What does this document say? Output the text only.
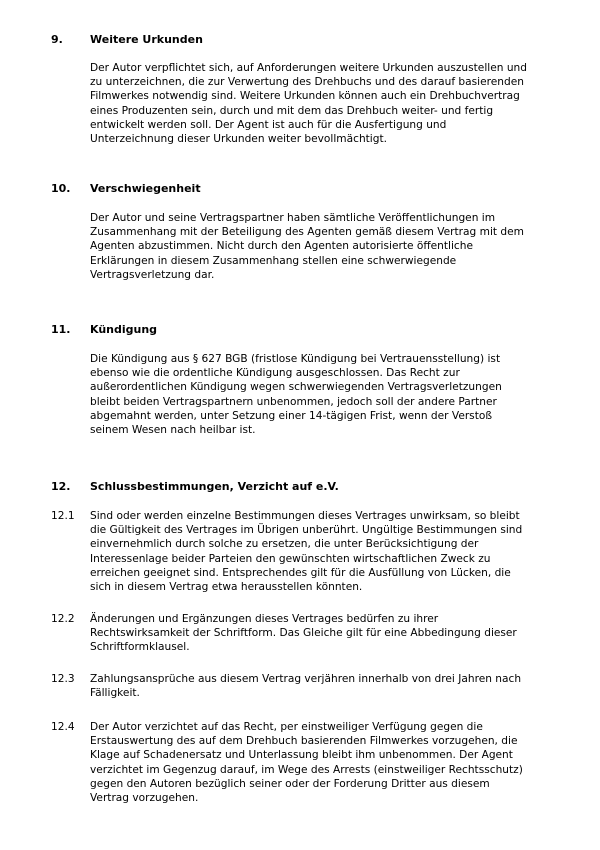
9. Weitere Urkunden

Der Autor verpflichtet sich, auf Anforderungen weitere Urkunden auszustellen und
zu unterzeichnen, die zur Verwertung des Drehbuchs und des darauf basierenden
Filmwerkes notwendig sind. Weitere Urkunden können auch ein Drehbuchvertrag
eines Produzenten sein, durch und mit dem das Drehbuch weiter- und fertig
entwickelt werden soll. Der Agent ist auch für die Ausfertigung und
Unterzeichnung dieser Urkunden weiter bevollmächtigt.

10. Verschwiegenheit

Der Autor und seine Vertragspartner haben sämtliche Veröffentlichungen im
Zusammenhang mit der Beteiligung des Agenten gemäß diesem Vertrag mit dem
Agenten abzustimmen. Nicht durch den Agenten autorisierte öffentliche
Erklärungen in diesem Zusammenhang stellen eine schwerwiegende
Vertragsverletzung dar.

11. Kündigung

Die Kündigung aus § 627 BGB (fristlose Kündigung bei Vertrauensstellung) ist
ebenso wie die ordentliche Kündigung ausgeschlossen. Das Recht zur
außerordentlichen Kündigung wegen schwerwiegenden Vertragsverletzungen
bleibt beiden Vertragspartnern unbenommen, jedoch soll der andere Partner
abgemahnt werden, unter Setzung einer 14-tägigen Frist, wenn der Verstoß
seinem Wesen nach heilbar ist.

12. Schlussbestimmungen, Verzicht auf e.V.
12.1 Sind oder werden einzelne Bestimmungen dieses Vertrages unwirksam, so bleibt
die Gültigkeit des Vertrages im Übrigen unberührt. Ungültige Bestimmungen sind
einvernehmlich durch solche zu ersetzen, die unter Berücksichtigung der
Interessenlage beider Parteien den gewünschten wirtschaftlichen Zweck zu
erreichen geeignet sind. Entsprechendes gilt für die Ausfüllung von Lücken, die
sich in diesem Vertrag etwa herausstellen könnten.

12.2 Änderungen und Ergänzungen dieses Vertrages bedürfen zu ihrer
Rechtswirksamkeit der Schriftform. Das Gleiche gilt für eine Abbedingung dieser
Schriftformklausel.

12.3 Zahlungsansprüche aus diesem Vertrag verjähren innerhalb von drei Jahren nach
Fälligkeit.

12.4 Der Autor verzichtet auf das Recht, per einstweiliger Verfügung gegen die
Erstauswertung des auf dem Drehbuch basierenden Filmwerkes vorzugehen, die
Klage auf Schadenersatz und Unterlassung bleibt ihm unbenommen. Der Agent
verzichtet im Gegenzug darauf, im Wege des Arrests (einstweiliger Rechtsschutz)
gegen den Autoren bezüglich seiner oder der Forderung Dritter aus diesem
Vertrag vorzugehen.
